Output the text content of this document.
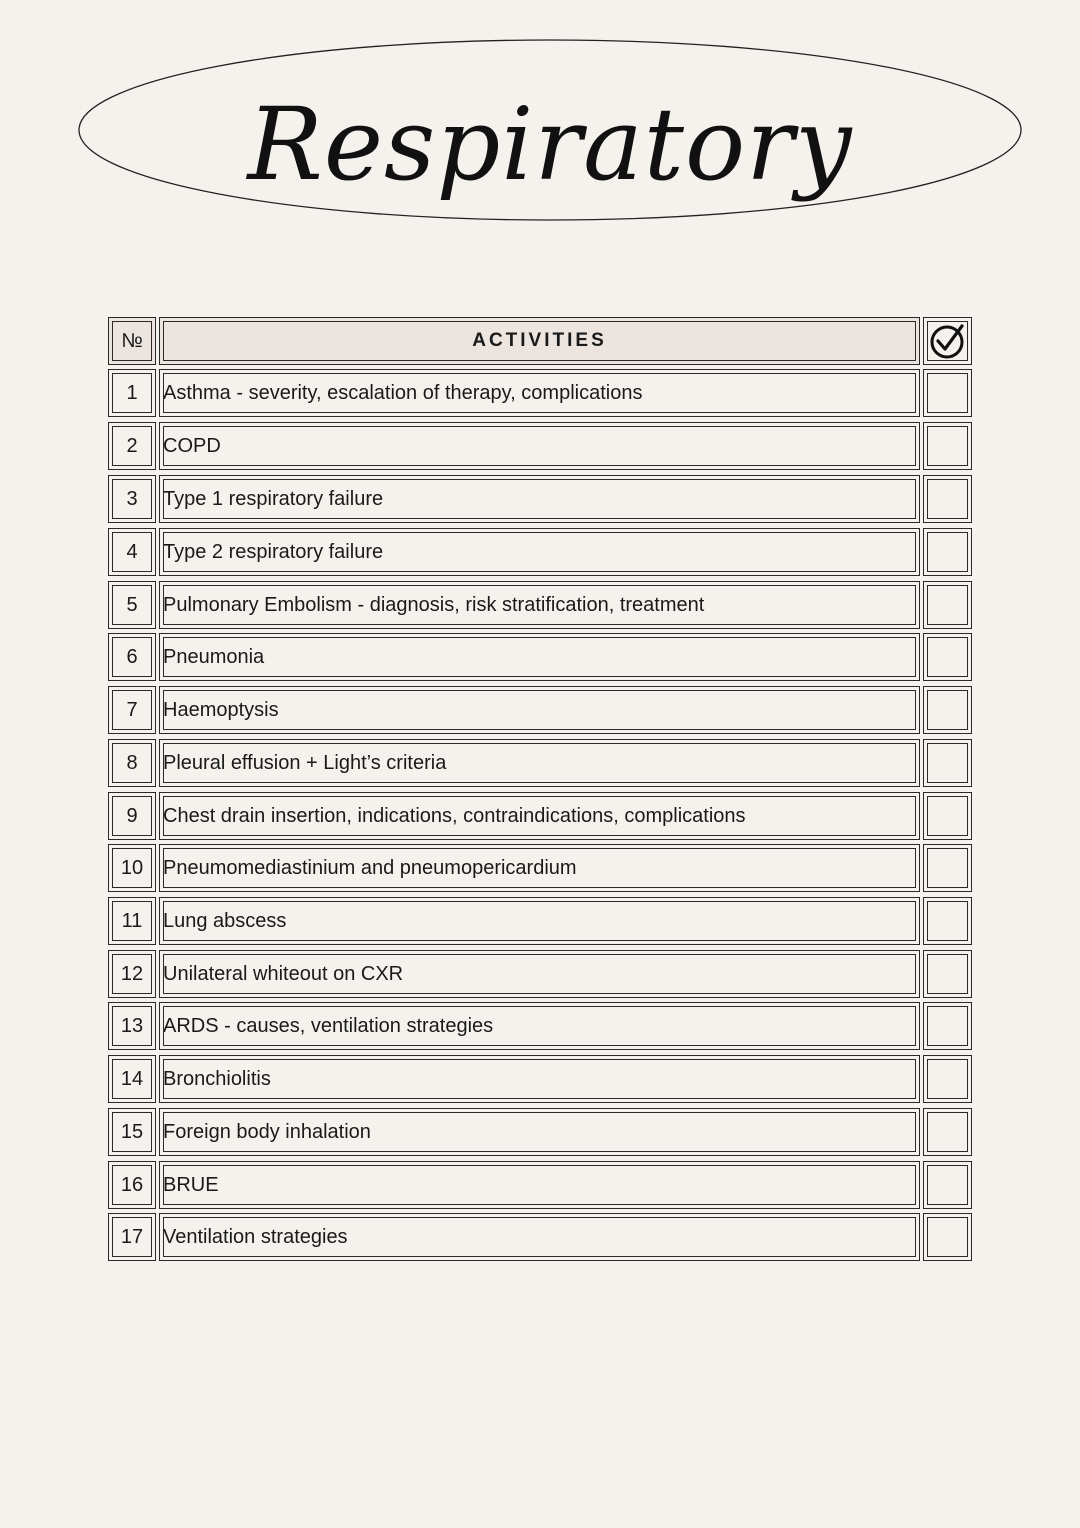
Respiratory
№	ACTIVITIES
1	Asthma - severity, escalation of therapy, complications
2	COPD
3	Type 1 respiratory failure
4	Type 2 respiratory failure
5	Pulmonary Embolism - diagnosis, risk stratification, treatment
6	Pneumonia
7	Haemoptysis
8	Pleural effusion + Light’s criteria
9	Chest drain insertion, indications, contraindications, complications
10 Pneumomediastinium and pneumopericardium
11	Lung abscess
12 Unilateral whiteout on CXR
13 ARDS - causes, ventilation strategies
14 Bronchiolitis
15 Foreign body inhalation
16 BRUE
17 Ventilation strategies
